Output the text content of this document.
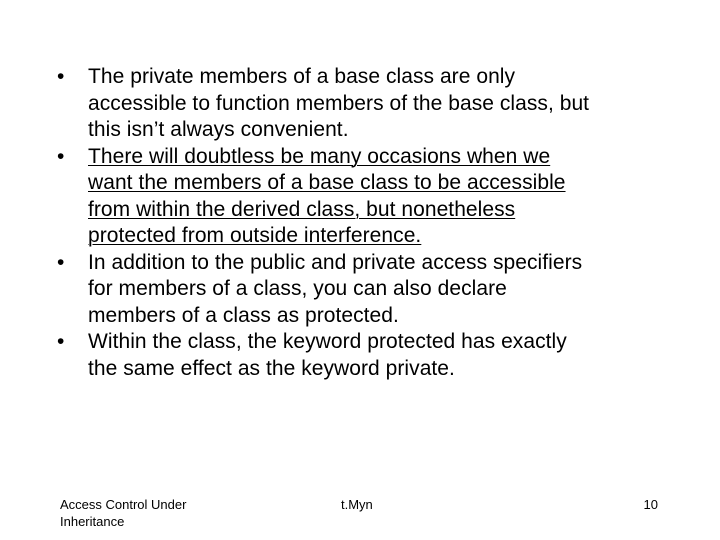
•	The private members of a base class are only
accessible to function members of the base class, but
this isn’t always convenient.
•	There will doubtless be many occasions when we
want the members of a base class to be accessible
from within the derived class, but nonetheless
protected from outside interference.
•	In addition to the public and private access specifiers
for members of a class, you can also declare
members of a class as protected.
•	Within the class, the keyword protected has exactly
the same effect as the keyword private.
Access Control Under
Inheritance
t.Myn	10
